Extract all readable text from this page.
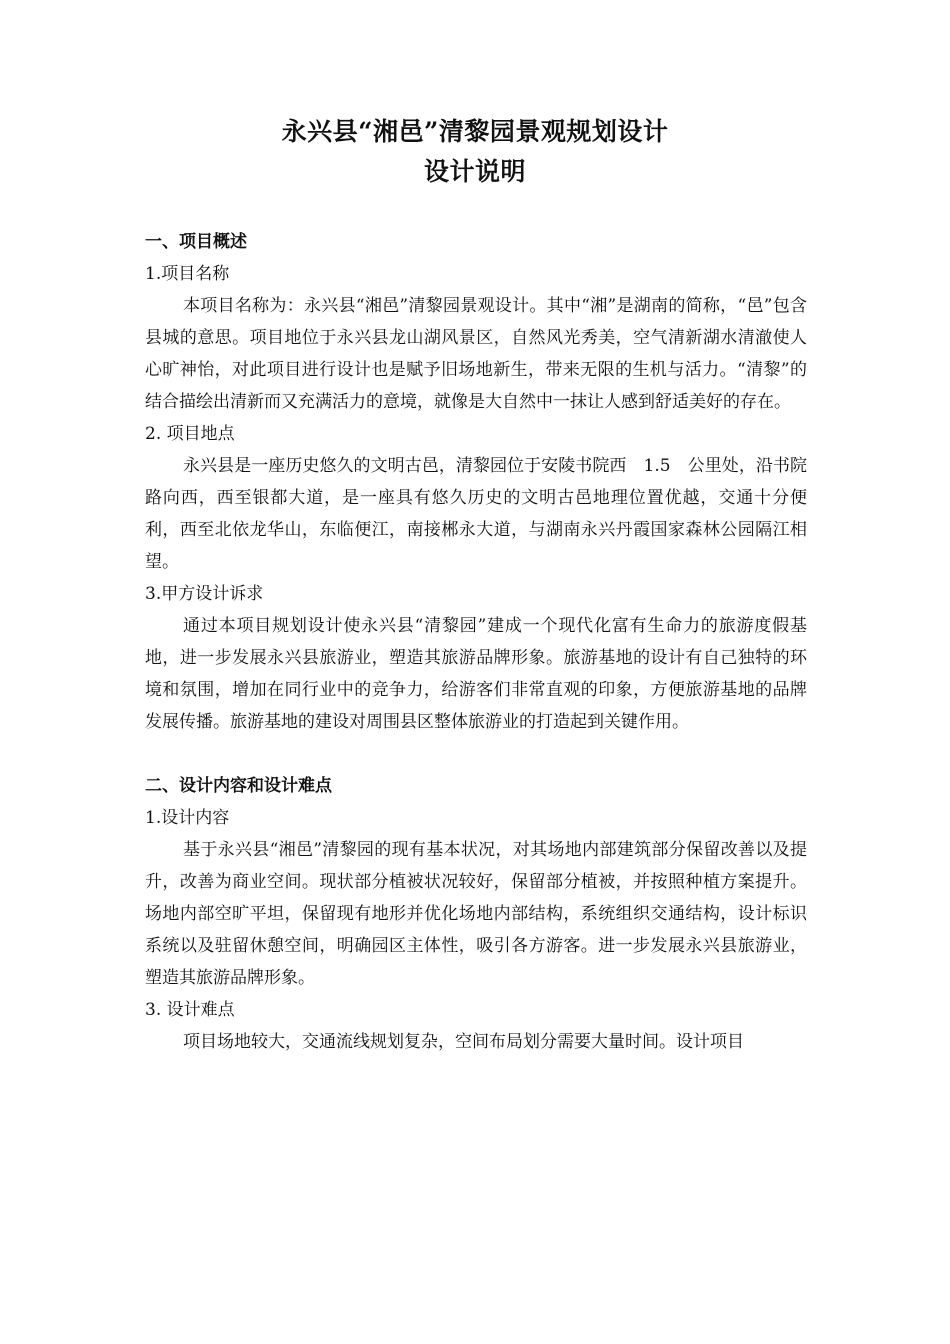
永兴县“湘邑”清黎园景观规划设计
设计说明
一、项目概述
1.项目名称

本项目名称为：永兴县“湘邑”清黎园景观设计。其中“湘”是湖南的简称，“邑”包含县城的意思。项目地位于永兴县龙山湖风景区，自然风光秀美，空气清新湖水清澈使人心旷神怡，对此项目进行设计也是赋予旧场地新生，带来无限的生机与活力。“清黎”的结合描绘出清新而又充满活力的意境，就像是大自然中一抹让人感到舒适美好的存在。

2. 项目地点

永兴县是一座历史悠久的文明古邑，清黎园位于安陵书院西　1.5　公里处，沿书院路向西，西至银都大道，是一座具有悠久历史的文明古邑地理位置优越，交通十分便利，西至北依龙华山，东临便江，南接郴永大道，与湖南永兴丹霞国家森林公园隔江相望。

3.甲方设计诉求

通过本项目规划设计使永兴县“清黎园”建成一个现代化富有生命力的旅游度假基地，进一步发展永兴县旅游业，塑造其旅游品牌形象。旅游基地的设计有自己独特的环境和氛围，增加在同行业中的竞争力，给游客们非常直观的印象，方便旅游基地的品牌发展传播。旅游基地的建设对周围县区整体旅游业的打造起到关键作用。

二、设计内容和设计难点
1.设计内容

基于永兴县“湘邑”清黎园的现有基本状况，对其场地内部建筑部分保留改善以及提升，改善为商业空间。现状部分植被状况较好，保留部分植被，并按照种植方案提升。场地内部空旷平坦，保留现有地形并优化场地内部结构，系统组织交通结构，设计标识系统以及驻留休憩空间，明确园区主体性，吸引各方游客。进一步发展永兴县旅游业，塑造其旅游品牌形象。

3. 设计难点

项目场地较大，交通流线规划复杂，空间布局划分需要大量时间。设计项目
